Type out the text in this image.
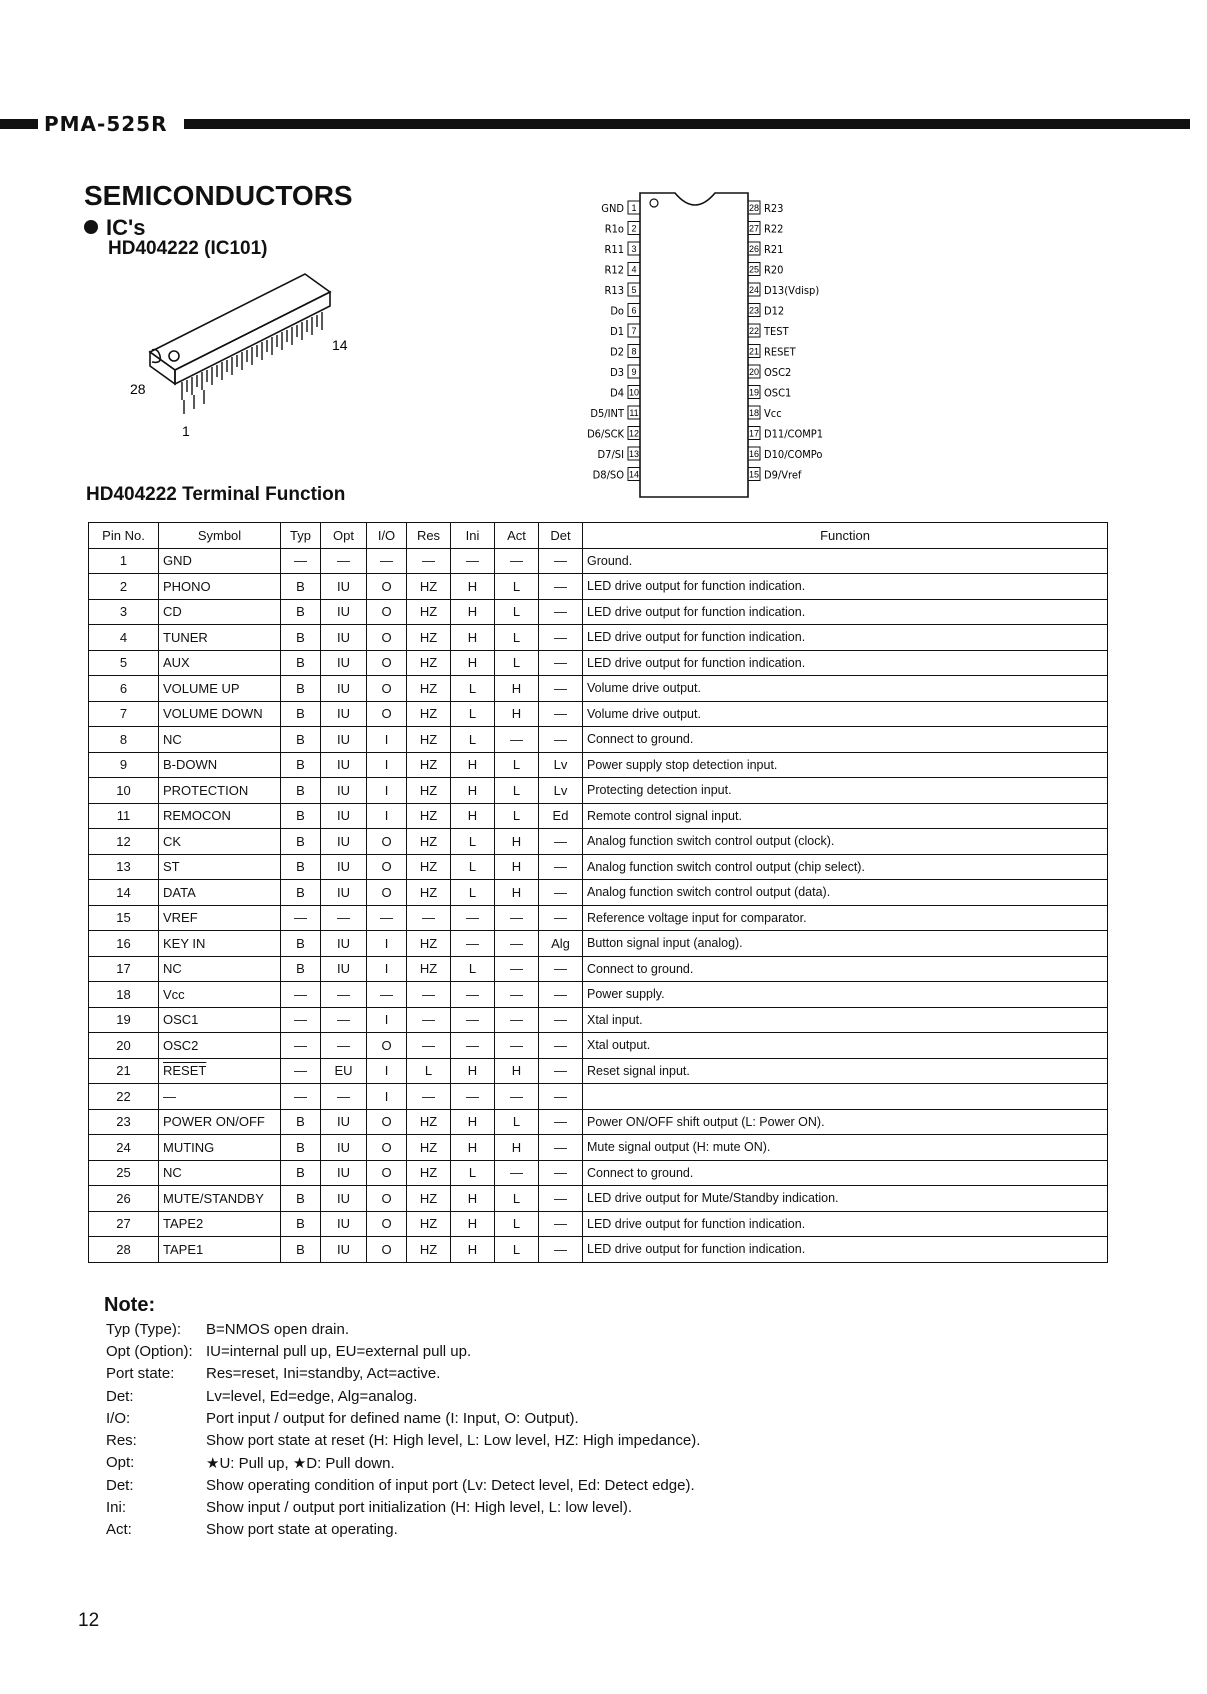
PMA-525R
SEMICONDUCTORS
IC's
HD404222 (IC101)
14
28
1
1
GND
2
R1o
3
R11
4
R12
5
R13
6
Do
7
D1
8
D2
9
D3
10
D4
11
D5/INT
12
D6/SCK
13
D7/SI
14
D8/SO
28 R23
27 R22
26 R21
25 R20
24 D13(Vdisp)
23 D12
22 TEST
21 RESET
20 OSC2
19 OSC1
18 Vcc
17 D11/COMP1
16 D10/COMPo
15 D9/Vref
HD404222 Terminal Function
Pin No.	Symbol	Typ	Opt	I/O	Res	Ini	Act	Det	Function
1	GND	—	—	—	—	—	—	—	Ground.
2	PHONO	B	IU	O	HZ	H	L	—	LED drive output for function indication.
3	CD	B	IU	O	HZ	H	L	—	LED drive output for function indication.
4	TUNER	B	IU	O	HZ	H	L	—	LED drive output for function indication.
5	AUX	B	IU	O	HZ	H	L	—	LED drive output for function indication.
6	VOLUME UP	B	IU	O	HZ	L	H	—	Volume drive output.
7	VOLUME DOWN	B	IU	O	HZ	L	H	—	Volume drive output.
8	NC	B	IU	I	HZ	L	—	—	Connect to ground.
9	B-DOWN	B	IU	I	HZ	H	L	Lv	Power supply stop detection input.
10	PROTECTION	B	IU	I	HZ	H	L	Lv	Protecting detection input.
11	REMOCON	B	IU	I	HZ	H	L	Ed	Remote control signal input.
12	CK	B	IU	O	HZ	L	H	—	Analog function switch control output (clock).
13	ST	B	IU	O	HZ	L	H	—	Analog function switch control output (chip select).
14	DATA	B	IU	O	HZ	L	H	—	Analog function switch control output (data).
15	VREF	—	—	—	—	—	—	—	Reference voltage input for comparator.
16	KEY IN	B	IU	I	HZ	—	—	Alg	Button signal input (analog).
17	NC	B	IU	I	HZ	L	—	—	Connect to ground.
18	Vcc	—	—	—	—	—	—	—	Power supply.
19	OSC1	—	—	I	—	—	—	—	Xtal input.
20	OSC2	—	—	O	—	—	—	—	Xtal output.
21	RESET	—	EU	I	L	H	H	—	Reset signal input.
22	—	—	—	I	—	—	—	—	
23	POWER ON/OFF	B	IU	O	HZ	H	L	—	Power ON/OFF shift output (L: Power ON).
24	MUTING	B	IU	O	HZ	H	H	—	Mute signal output (H: mute ON).
25	NC	B	IU	O	HZ	L	—	—	Connect to ground.
26	MUTE/STANDBY	B	IU	O	HZ	H	L	—	LED drive output for Mute/Standby indication.
27	TAPE2	B	IU	O	HZ	H	L	—	LED drive output for function indication.
28	TAPE1	B	IU	O	HZ	H	L	—	LED drive output for function indication.
Note:
Typ (Type):	B=NMOS open drain.
Opt (Option): IU=internal pull up, EU=external pull up.
Port state:	Res=reset, Ini=standby, Act=active.
Det:	Lv=level, Ed=edge, Alg=analog.
I/O:	Port input / output for defined name (I: Input, O: Output).
Res:	Show port state at reset (H: High level, L: Low level, HZ: High impedance).
Opt:	★U: Pull up, ★D: Pull down.
Det:	Show operating condition of input port (Lv: Detect level, Ed: Detect edge).
Ini:	Show input / output port initialization (H: High level, L: low level).
Act:	Show port state at operating.
12
